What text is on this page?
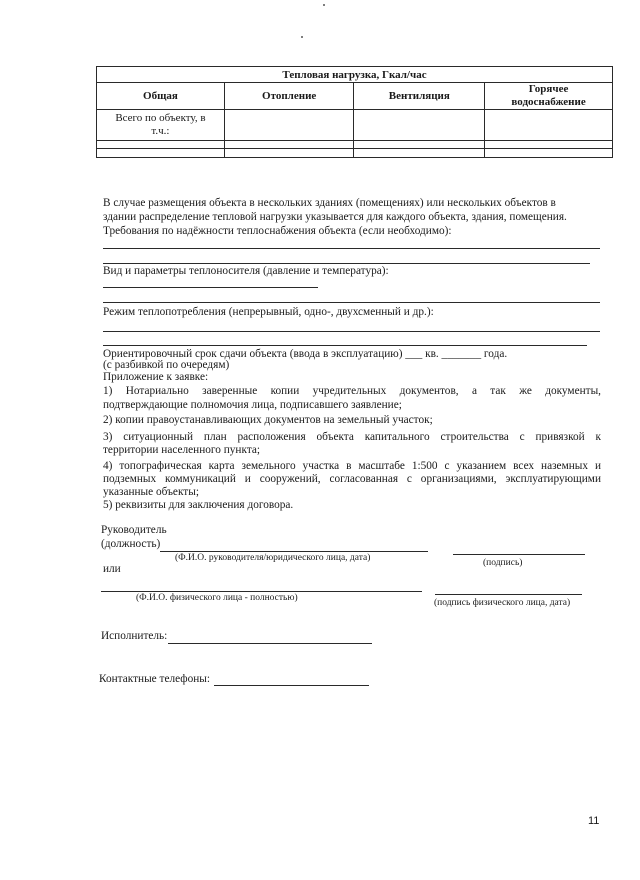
Тепловая нагрузка, Гкал/час			
Общая	Отопление	Вентиляция	Горячее водоснабжение
Всего по объекту, в т.ч.:			

В случае размещения объекта в нескольких зданиях (помещениях) или нескольких объектов в
здании распределение тепловой нагрузки указывается для каждого объекта, здания, помещения.
Требования по надёжности теплоснабжения объекта (если необходимо):
Вид и параметры теплоносителя (давление и температура):
Режим теплопотребления (непрерывный, одно-, двухсменный и др.):
Ориентировочный срок сдачи объекта (ввода в эксплуатацию) ___ кв. _______ года.
(с разбивкой по очередям)
Приложение к заявке:
1) Нотариально заверенные копии учредительных документов, а так же документы,
подтверждающие полномочия лица, подписавшего заявление;
2) копии правоустанавливающих документов на земельный участок;
3) ситуационный план расположения объекта капитального строительства с привязкой к
территории населенного пункта;
4) топографическая карта земельного участка в масштабе 1:500 с указанием всех наземных и
подземных коммуникаций и сооружений, согласованная с организациями, эксплуатирующими
указанные объекты;
5) реквизиты для заключения договора.
Руководитель
(должность)
(Ф.И.О. руководителя/юридического лица, дата)	(подпись)
или
(Ф.И.О. физического лица - полностью)	(подпись физического лица, дата)
Исполнитель:
Контактные телефоны:
11
